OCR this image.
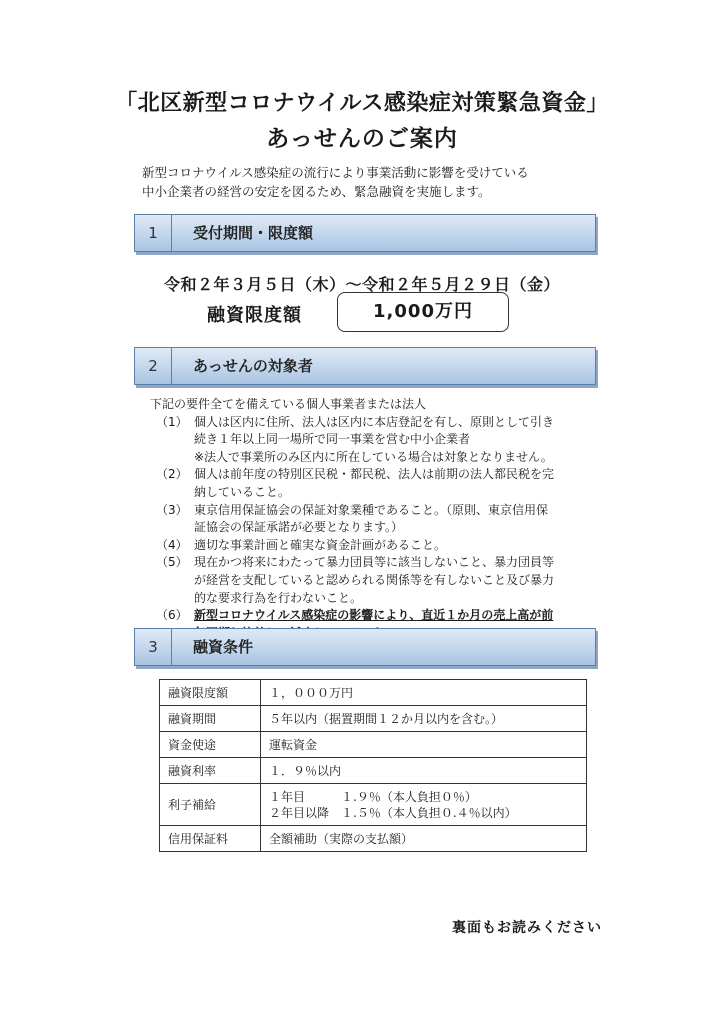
「北区新型コロナウイルス感染症対策緊急資金」
あっせんのご案内
新型コロナウイルス感染症の流行により事業活動に影響を受けている
中小企業者の経営の安定を図るため、緊急融資を実施します。
1	受付期間・限度額
令和２年３月５日（木）〜令和２年５月２９日（金）
融資限度額	1,000万円
2	あっせんの対象者
下記の要件全てを備えている個人事業者または法人
（1） 個人は区内に住所、法人は区内に本店登記を有し、原則として引き
続き１年以上同一場所で同一事業を営む中小企業者
※法人で事業所のみ区内に所在している場合は対象となりません。
（2） 個人は前年度の特別区民税・都民税、法人は前期の法人都民税を完
納していること。
（3） 東京信用保証協会の保証対象業種であること。（原則、東京信用保
証協会の保証承諾が必要となります。）
（4） 適切な事業計画と確実な資金計画があること。
（5） 現在かつ将来にわたって暴力団員等に該当しないこと、暴力団員等
が経営を支配していると認められる関係等を有しないこと及び暴力
的な要求行為を行わないこと。
（6） 新型コロナウイルス感染症の影響により、直近１か月の売上高が前
3	融資条件
融資限度額	１，０００万円
融資期間	５年以内（据置期間１２か月以内を含む。）
資金使途	運転資金
融資利率	１．９％以内
利子補給	１年目　　　１.９％（本人負担０％）
２年目以降　１.５％（本人負担０.４％以内）

信用保証料	全額補助（実際の支払額）
裏面もお読みください
